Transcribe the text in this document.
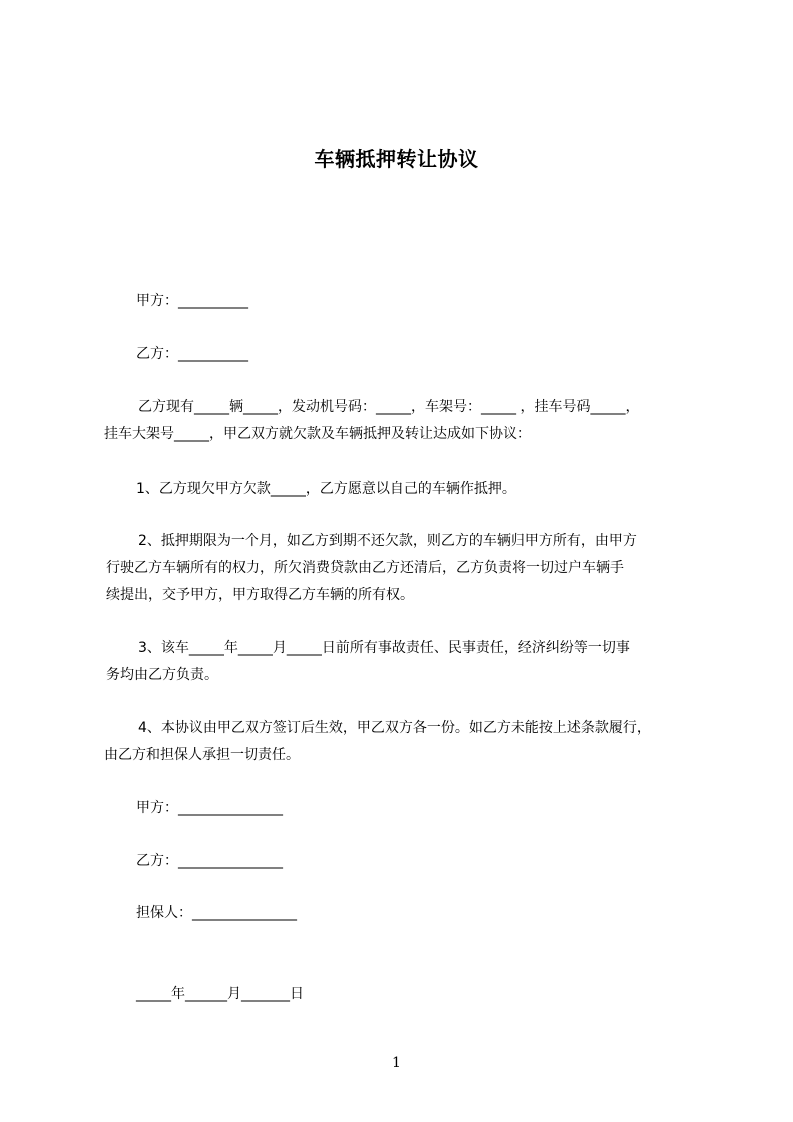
车辆抵押转让协议
甲方：__________
乙方：__________
乙方现有_____辆_____，发动机号码：_____，车架号：_____ ，挂车号码_____，
挂车大架号_____，甲乙双方就欠款及车辆抵押及转让达成如下协议：
1、乙方现欠甲方欠款_____，乙方愿意以自己的车辆作抵押。
2、抵押期限为一个月，如乙方到期不还欠款，则乙方的车辆归甲方所有，由甲方
行驶乙方车辆所有的权力，所欠消费贷款由乙方还清后，乙方负责将一切过户车辆手
续提出，交予甲方，甲方取得乙方车辆的所有权。
3、该车_____年_____月_____日前所有事故责任、民事责任，经济纠纷等一切事
务均由乙方负责。
4、本协议由甲乙双方签订后生效，甲乙双方各一份。如乙方未能按上述条款履行，
由乙方和担保人承担一切责任。
甲方：_______________
乙方：_______________
担保人：_______________
_____年______月_______日
1
